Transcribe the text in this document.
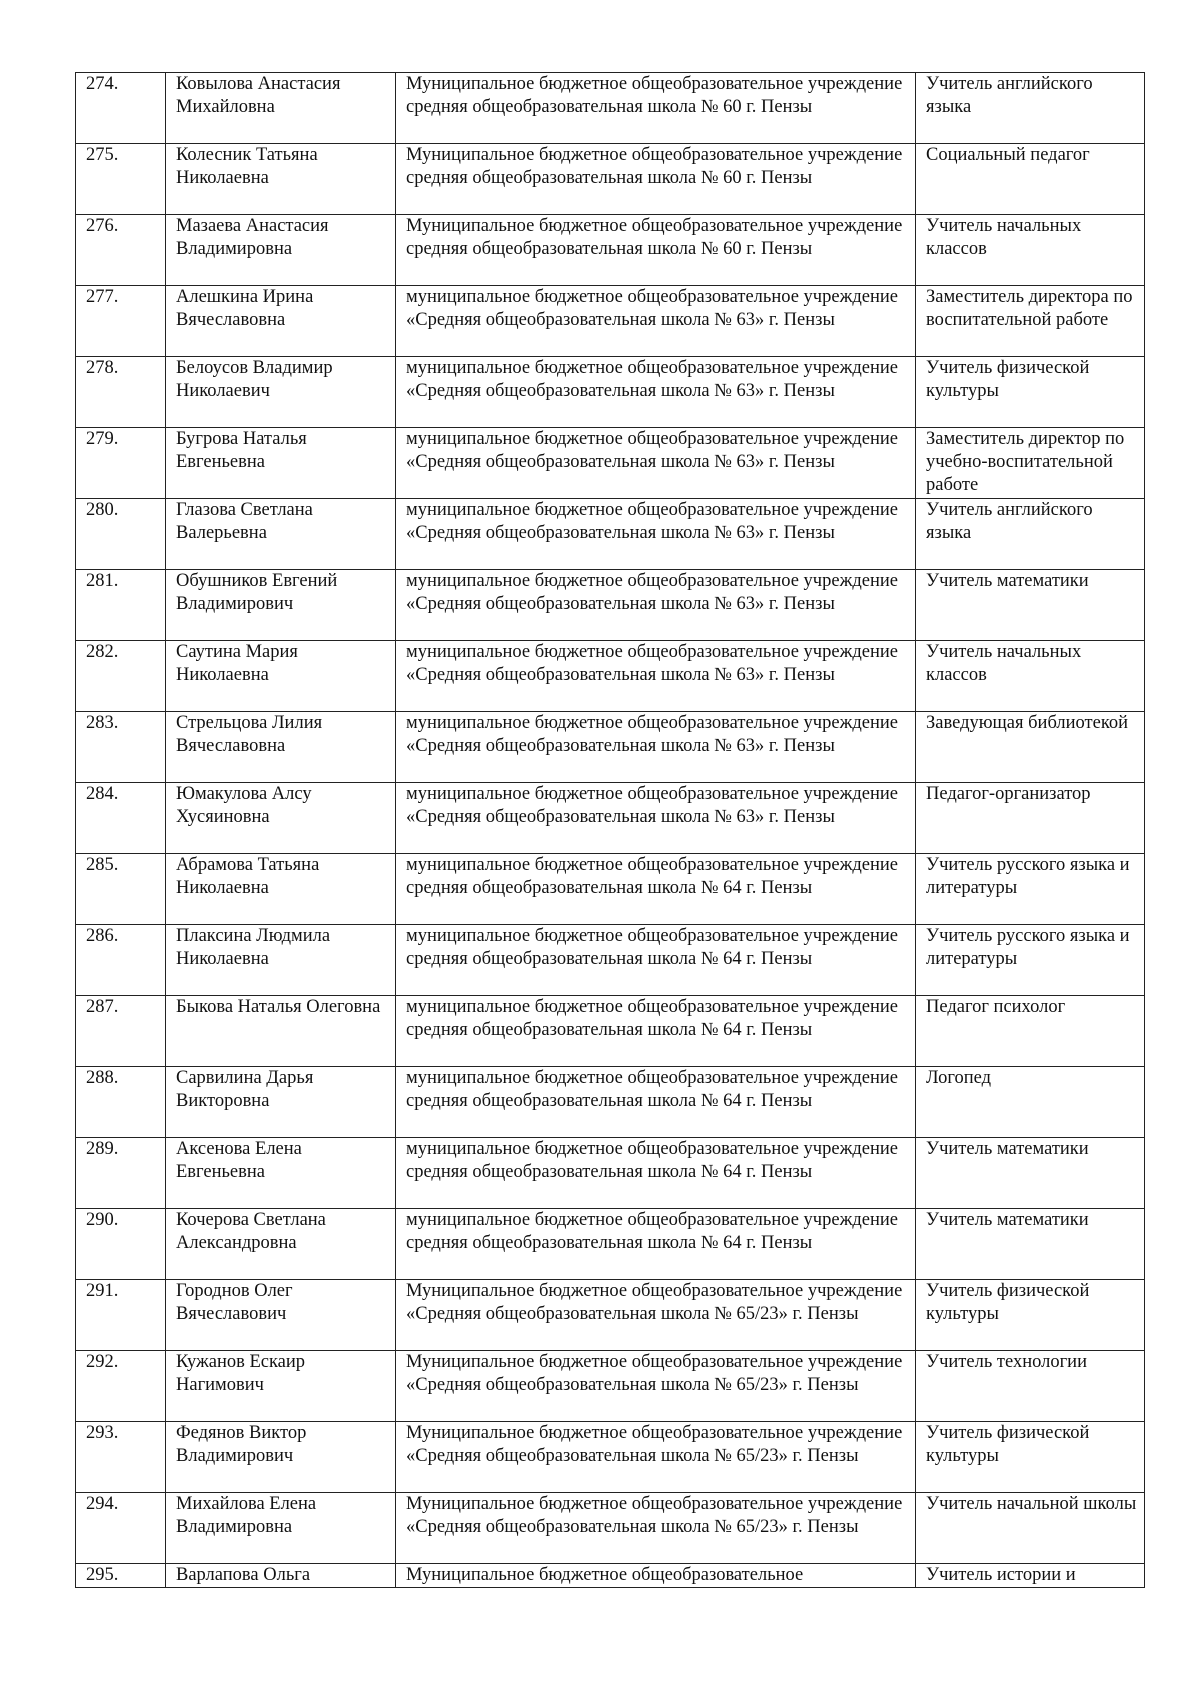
274.	Ковылова Анастасия Михайловна	Муниципальное бюджетное общеобразовательное учреждение средняя общеобразовательная школа № 60 г. Пензы	Учитель английского языка
275.	Колесник Татьяна Николаевна	Муниципальное бюджетное общеобразовательное учреждение средняя общеобразовательная школа № 60 г. Пензы	Социальный педагог
276.	Мазаева Анастасия Владимировна	Муниципальное бюджетное общеобразовательное учреждение средняя общеобразовательная школа № 60 г. Пензы	Учитель начальных классов
277.	Алешкина Ирина Вячеславовна	муниципальное бюджетное общеобразовательное учреждение «Средняя общеобразовательная школа № 63» г. Пензы	Заместитель директора по воспитательной работе
278.	Белоусов Владимир Николаевич	муниципальное бюджетное общеобразовательное учреждение «Средняя общеобразовательная школа № 63» г. Пензы	Учитель физической культуры
279.	Бугрова Наталья Евгеньевна	муниципальное бюджетное общеобразовательное учреждение «Средняя общеобразовательная школа № 63» г. Пензы	Заместитель директор по учебно-воспитательной работе
280.	Глазова Светлана Валерьевна	муниципальное бюджетное общеобразовательное учреждение «Средняя общеобразовательная школа № 63» г. Пензы	Учитель английского языка
281.	Обушников Евгений Владимирович	муниципальное бюджетное общеобразовательное учреждение «Средняя общеобразовательная школа № 63» г. Пензы	Учитель математики
282.	Саутина Мария Николаевна	муниципальное бюджетное общеобразовательное учреждение «Средняя общеобразовательная школа № 63» г. Пензы	Учитель начальных классов
283.	Стрельцова Лилия Вячеславовна	муниципальное бюджетное общеобразовательное учреждение «Средняя общеобразовательная школа № 63» г. Пензы	Заведующая библиотекой
284.	Юмакулова Алсу Хусяиновна	муниципальное бюджетное общеобразовательное учреждение «Средняя общеобразовательная школа № 63» г. Пензы	Педагог-организатор
285.	Абрамова Татьяна Николаевна	муниципальное бюджетное общеобразовательное учреждение средняя общеобразовательная школа № 64 г. Пензы	Учитель русского языка и литературы
286.	Плаксина Людмила Николаевна	муниципальное бюджетное общеобразовательное учреждение средняя общеобразовательная школа № 64 г. Пензы	Учитель русского языка и литературы
287.	Быкова Наталья Олеговна	муниципальное бюджетное общеобразовательное учреждение средняя общеобразовательная школа № 64 г. Пензы	Педагог психолог
288.	Сарвилина Дарья Викторовна	муниципальное бюджетное общеобразовательное учреждение средняя общеобразовательная школа № 64 г. Пензы	Логопед
289.	Аксенова Елена Евгеньевна	муниципальное бюджетное общеобразовательное учреждение средняя общеобразовательная школа № 64 г. Пензы	Учитель математики
290.	Кочерова Светлана Александровна	муниципальное бюджетное общеобразовательное учреждение средняя общеобразовательная школа № 64 г. Пензы	Учитель математики
291.	Городнов Олег Вячеславович	Муниципальное бюджетное общеобразовательное учреждение «Средняя общеобразовательная школа № 65/23» г. Пензы	Учитель физической культуры
292.	Кужанов Ескаир Нагимович	Муниципальное бюджетное общеобразовательное учреждение «Средняя общеобразовательная школа № 65/23» г. Пензы	Учитель технологии
293.	Федянов Виктор Владимирович	Муниципальное бюджетное общеобразовательное учреждение «Средняя общеобразовательная школа № 65/23» г. Пензы	Учитель физической культуры
294.	Михайлова Елена Владимировна	Муниципальное бюджетное общеобразовательное учреждение «Средняя общеобразовательная школа № 65/23» г. Пензы	Учитель начальной школы
295.	Варлапова Ольга	Муниципальное бюджетное общеобразовательное	Учитель истории и
